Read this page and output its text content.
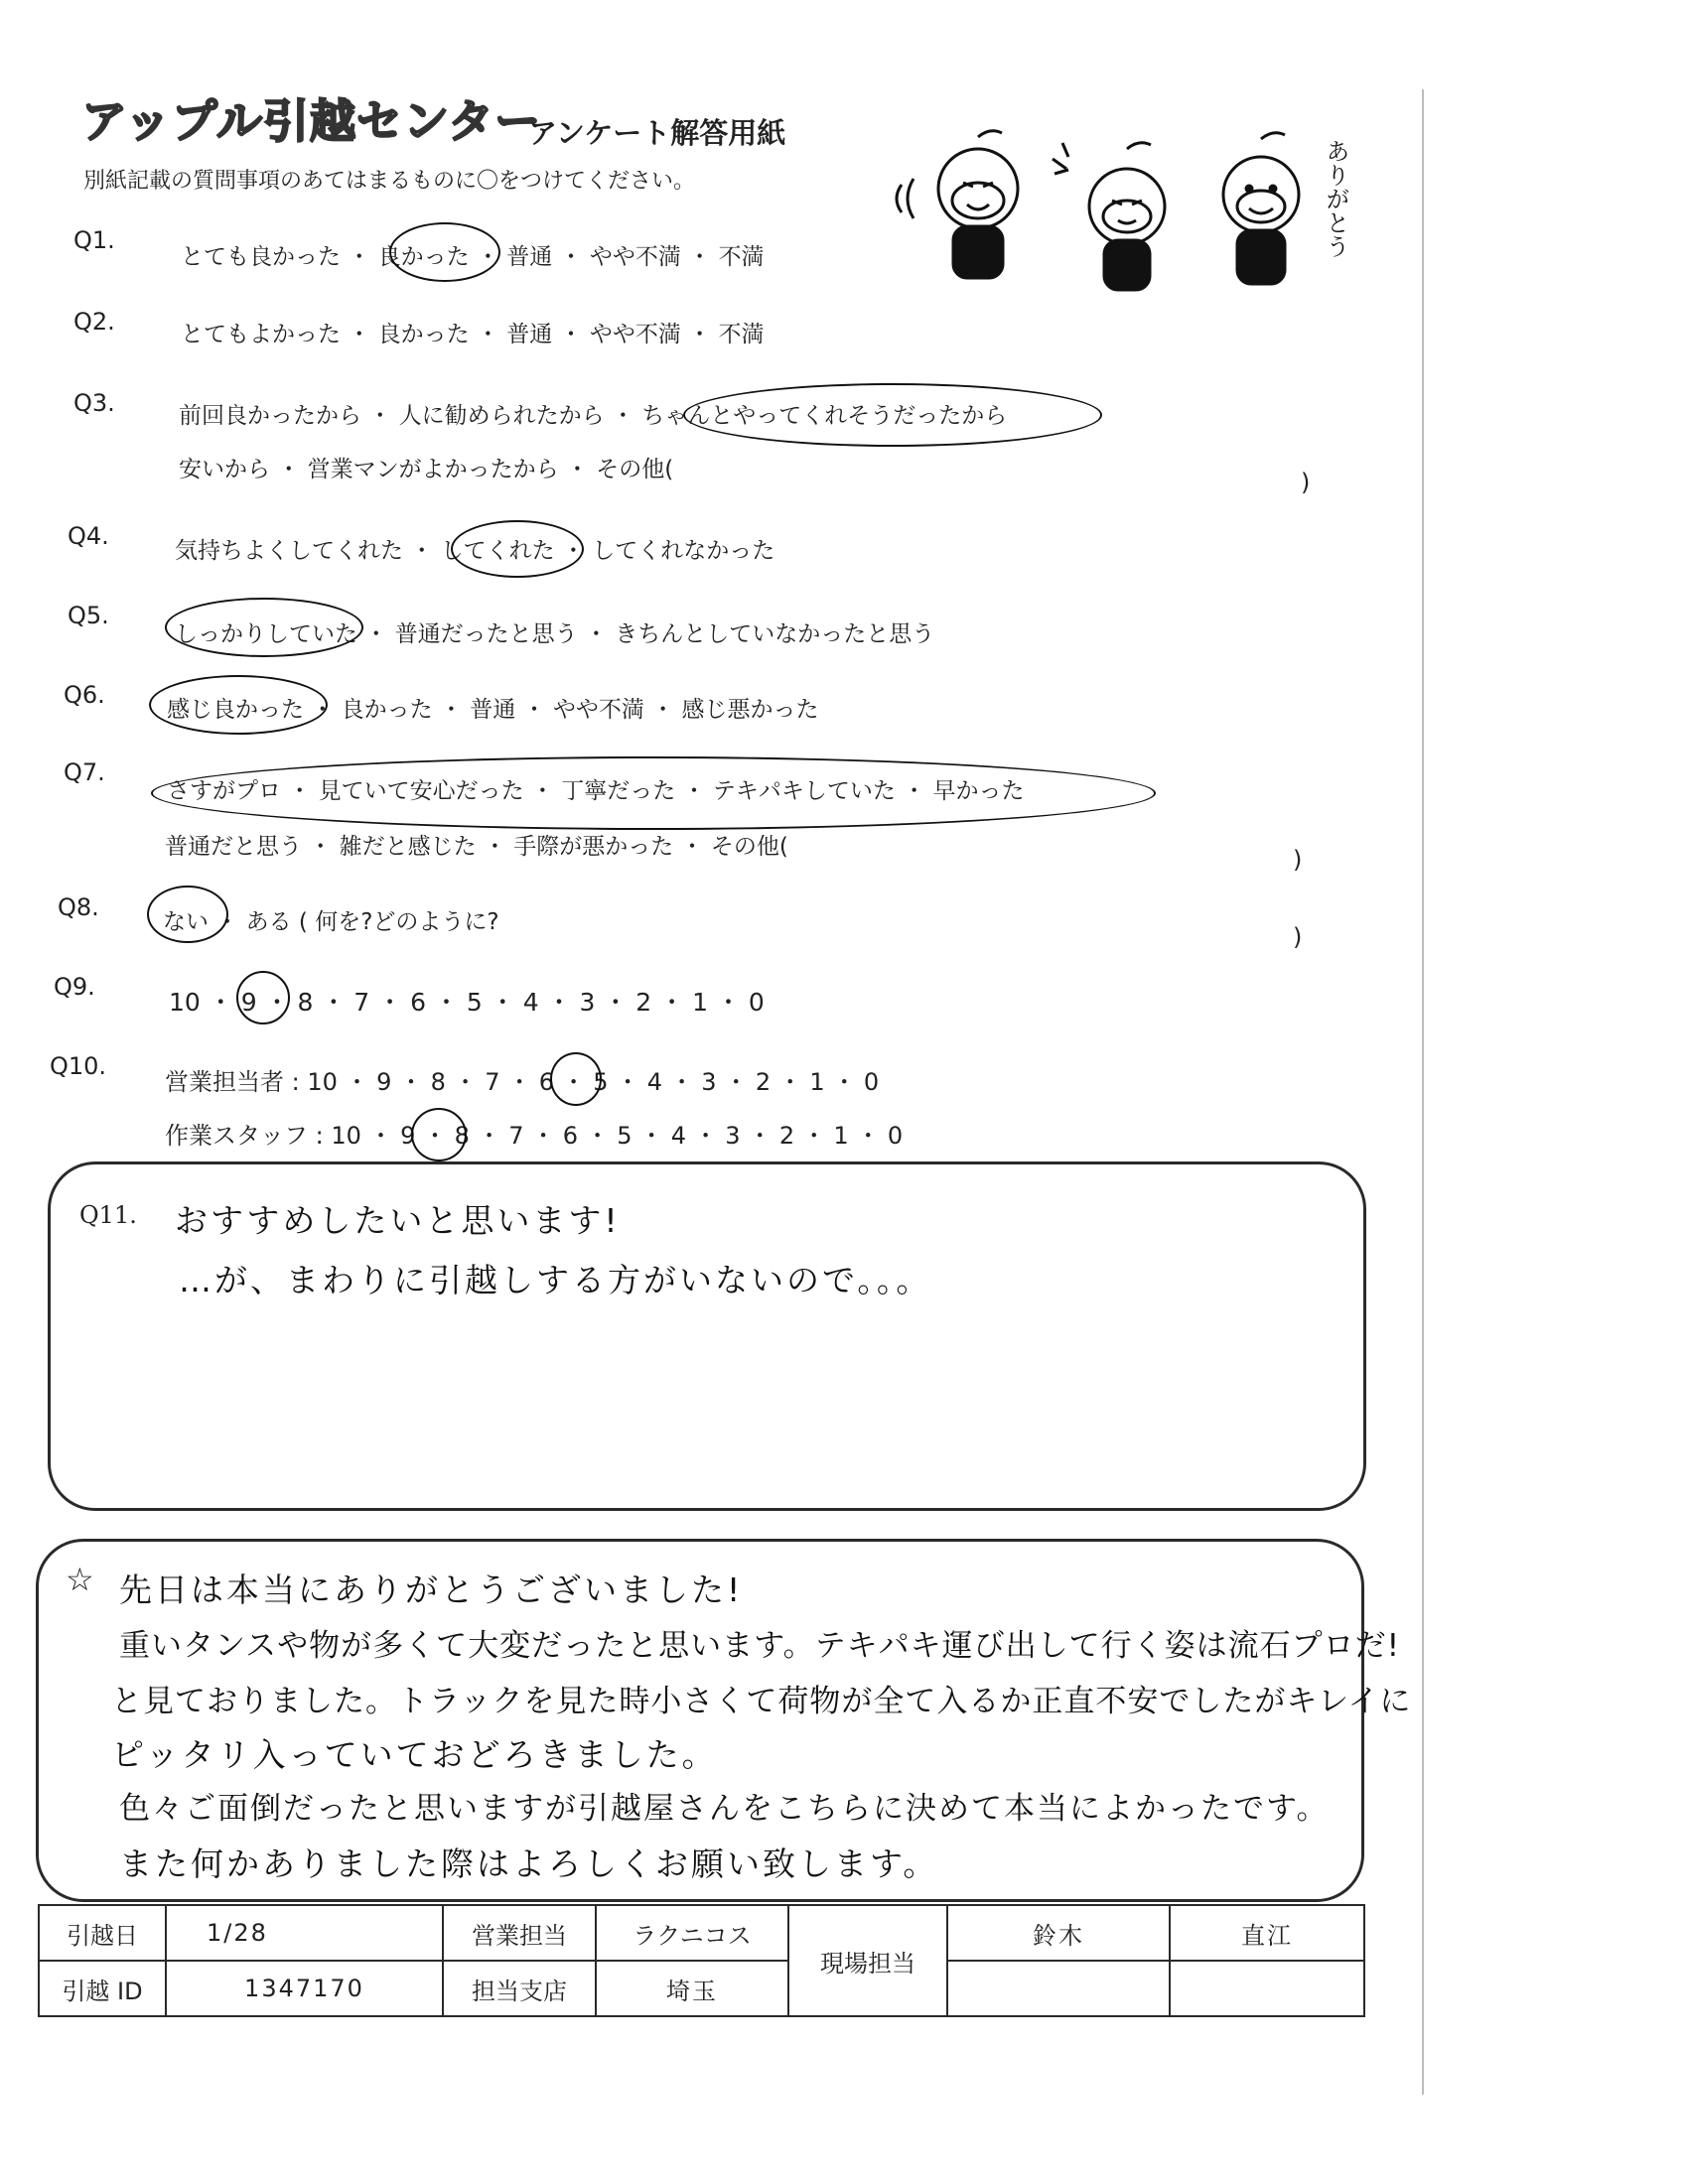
アップル引越センター
アンケート解答用紙
別紙記載の質問事項のあてはまるものに〇をつけてください。	ありがとう
Q1.
とても良かった ・ 良かった ・ 普通 ・ やや不満 ・ 不満
Q2.	とてもよかった ・ 良かった ・ 普通 ・ やや不満 ・ 不満
Q3.	前回良かったから ・ 人に勧められたから ・ ちゃんとやってくれそうだったから
安いから ・ 営業マンがよかったから ・ その他(	)
Q4.
気持ちよくしてくれた ・ してくれた ・ してくれなかった
Q5.
しっかりしていた ・ 普通だったと思う ・ きちんとしていなかったと思う
Q6.
感じ良かった ・ 良かった ・ 普通 ・ やや不満 ・ 感じ悪かった
Q7.
さすがプロ ・ 見ていて安心だった ・ 丁寧だった ・ テキパキしていた ・ 早かった
普通だと思う ・ 雑だと感じた ・ 手際が悪かった ・ その他(	)
Q8.
ない ・ ある ( 何を?どのように?
)
Q9.
10 ・ 9 ・ 8 ・ 7 ・ 6 ・ 5 ・ 4 ・ 3 ・ 2 ・ 1 ・ 0
Q10.
営業担当者 : 10 ・ 9 ・ 8 ・ 7 ・ 6 ・ 5 ・ 4 ・ 3 ・ 2 ・ 1 ・ 0
作業スタッフ : 10 ・ 9 ・ 8 ・ 7 ・ 6 ・ 5 ・ 4 ・ 3 ・ 2 ・ 1 ・ 0
Q11. おすすめしたいと思います!
…が、まわりに引越しする方がいないので。。。
☆ 先日は本当にありがとうございました!
重いタンスや物が多くて大変だったと思います。テキパキ運び出して行く姿は流石プロだ!
と見ておりました。トラックを見た時小さくて荷物が全て入るか正直不安でしたがキレイに
ピッタリ入っていておどろきました。
色々ご面倒だったと思いますが引越屋さんをこちらに決めて本当によかったです。
また何かありました際はよろしくお願い致します。
引越日	1/28	営業担当	ラクニコス	現場担当	鈴木	直江
引越 ID	1347170	担当支店	埼玉			
